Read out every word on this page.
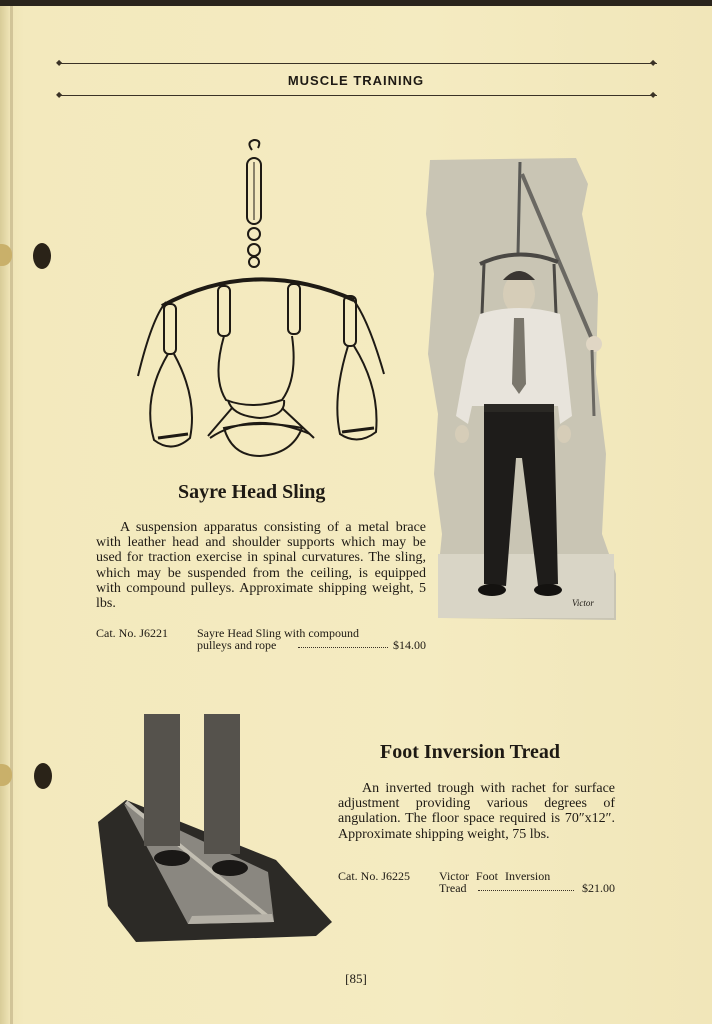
◆	◆
◆	◆
MUSCLE TRAINING
Victor
Sayre Head Sling
A suspension apparatus consisting of a metal brace with leather head and shoulder supports which may be used for traction exercise in spinal curvatures. The sling, which may be suspended from the ceiling, is equipped with compound pulleys. Approximate shipping weight, 5 lbs.
Cat. No. J6221 Sayre Head Sling with compound
pulleys and rope	$14.00
Foot Inversion Tread
An inverted trough with rachet for surface adjustment providing various degrees of angulation. The floor space required is 70″x12″. Approximate shipping weight, 75 lbs.
Cat. No. J6225 Victor Foot Inversion
Tread	$21.00
[85]
